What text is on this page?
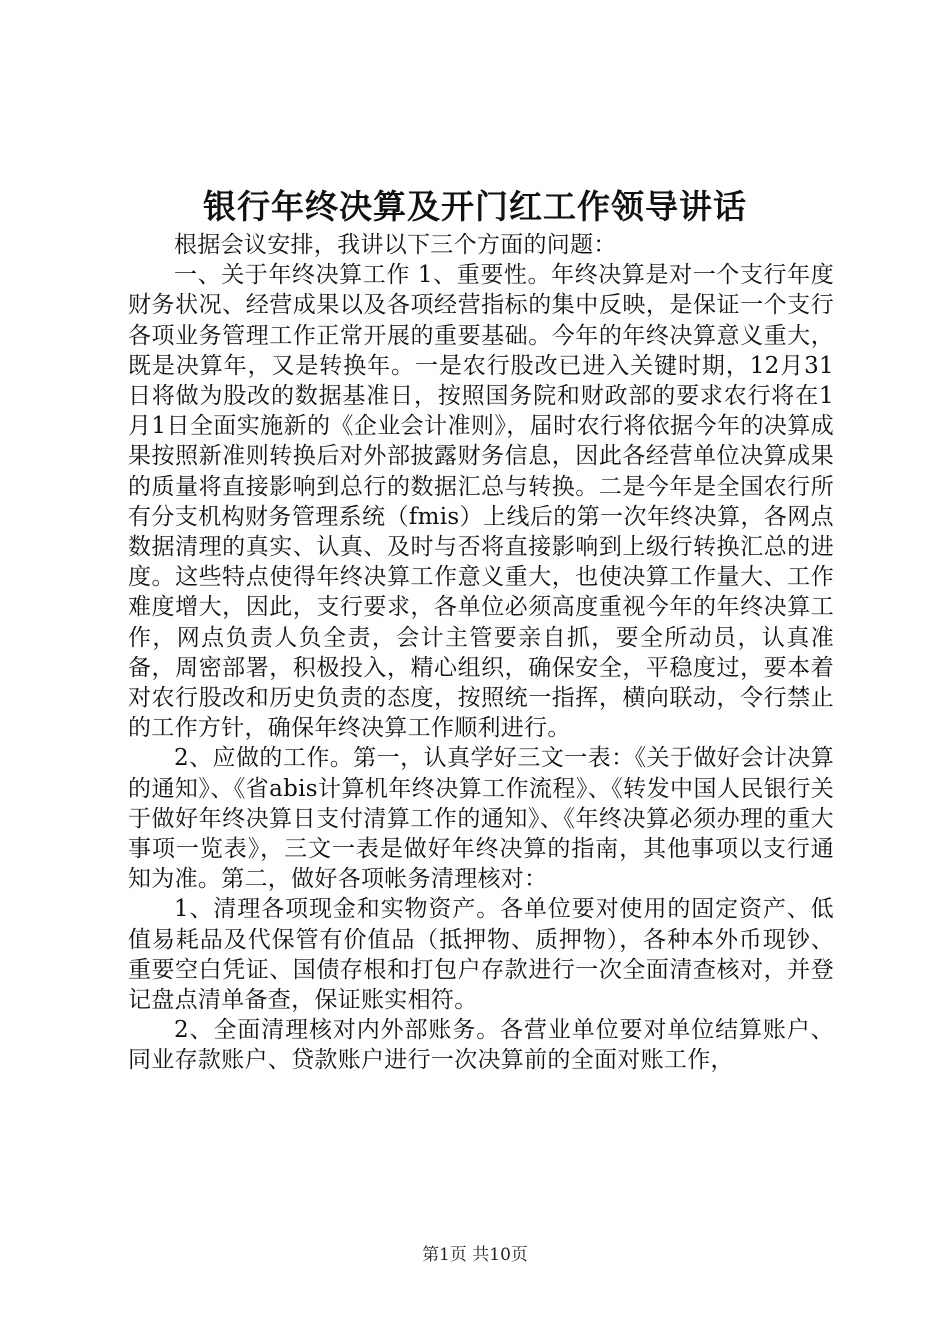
银行年终决算及开门红工作领导讲话

根据会议安排，我讲以下三个方面的问题：

一、关于年终决算工作 1、重要性。年终决算是对一个支行年度财务状况、经营成果以及各项经营指标的集中反映，是保证一个支行各项业务管理工作正常开展的重要基础。今年的年终决算意义重大，既是决算年，又是转换年。一是农行股改已进入关键时期，12月31日将做为股改的数据基准日，按照国务院和财政部的要求农行将在1月1日全面实施新的《企业会计准则》，届时农行将依据今年的决算成果按照新准则转换后对外部披露财务信息，因此各经营单位决算成果的质量将直接影响到总行的数据汇总与转换。二是今年是全国农行所有分支机构财务管理系统（fmis）上线后的第一次年终决算，各网点数据清理的真实、认真、及时与否将直接影响到上级行转换汇总的进度。这些特点使得年终决算工作意义重大，也使决算工作量大、工作难度增大，因此，支行要求，各单位必须高度重视今年的年终决算工作，网点负责人负全责，会计主管要亲自抓，要全所动员，认真准备，周密部署，积极投入，精心组织，确保安全，平稳度过，要本着对农行股改和历史负责的态度，按照统一指挥，横向联动，令行禁止的工作方针，确保年终决算工作顺利进行。

2、应做的工作。第一，认真学好三文一表：《关于做好会计决算的通知》、《省abis计算机年终决算工作流程》、《转发中国人民银行关于做好年终决算日支付清算工作的通知》、《年终决算必须办理的重大事项一览表》，三文一表是做好年终决算的指南，其他事项以支行通知为准。第二，做好各项帐务清理核对：

1、清理各项现金和实物资产。各单位要对使用的固定资产、低值易耗品及代保管有价值品（抵押物、质押物），各种本外币现钞、重要空白凭证、国债存根和打包户存款进行一次全面清查核对，并登记盘点清单备查，保证账实相符。

2、全面清理核对内外部账务。各营业单位要对单位结算账户、同业存款账户、贷款账户进行一次决算前的全面对账工作，

第1页 共10页
